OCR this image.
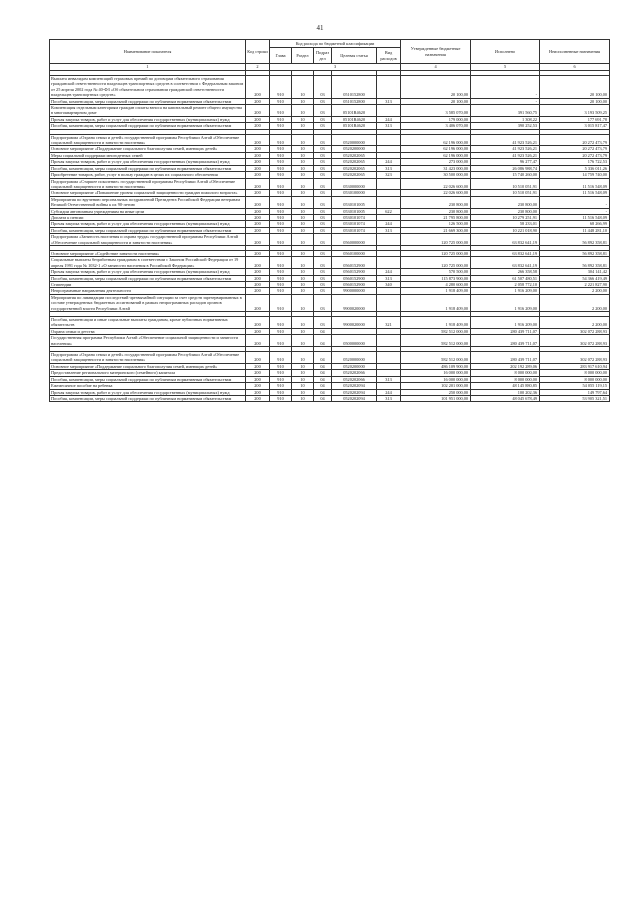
41
Наименование показателя	Код строки	Код расхода по бюджетной классификации					Утвержденные бюджетные назначения	Исполнено	Неисполненные назначения
		Глава	Раздел	Подраз дел	Целевая статья	Вид расходов			
1	2	3					4	5	6

Выплата инвалидам компенсаций страховых премий по договорам обязательного страхования гражданской ответственности владельцев транспортных средств в соответствии с Федеральным законом от 25 апреля 2002 года № 40-ФЗ «Об обязательном страховании гражданской ответственности владельцев транспортных средств»	200	910	10	03	0510152800		20 100,00	-	20 100,00
Пособия, компенсации, меры социальной поддержки по публичным нормативным обязательствам	200	910	10	03	0510152800	313	20 100,00	-	20 100,00
Компенсация отдельным категориям граждан оплаты взноса на капитальный ремонт общего имущества в многоквартирном доме	200	910	10	03	05101R4620		3 585 070,00	391 560,75	3 193 509,25
Прочая закупка товаров, работ и услуг для обеспечения государственных (муниципальных) нужд	200	910	10	03	05101R4620	244	179 000,00	1 308,22	177 691,78
Пособия, компенсации, меры социальной поддержки по публичным нормативным обязательствам	200	910	10	03	05101R4620	313	3 406 070,00	390 252,53	3 015 817,47

Подпрограмма «Охрана семьи и детей» государственной программы Республики Алтай «Обеспечение социальной защищенности и занятости населения»	200	910	10	03	0520000000		62 196 000,00	41 923 526,21	20 272 473,79
Основное мероприятие «Поддержание социального благополучия семей, имеющих детей»	200	910	10	03	0520200000		62 196 000,00	41 923 526,21	20 272 473,79
Меры социальной поддержки многодетных семей	200	910	10	03	0520202065		62 196 000,00	41 923 526,21	20 272 473,79
Прочая закупка товаров, работ и услуг для обеспечения государственных (муниципальных) нужд	200	910	10	03	0520202065	244	273 000,00	96 277,47	176 722,53
Пособия, компенсации, меры социальной поддержки по публичным нормативным обязательствам	200	910	10	03	0520202065	313	31 423 000,00	26 086 988,74	5 336 011,26
Приобретение товаров, работ, услуг в пользу граждан в целях их социального обеспечения	200	910	10	03	0520202065	323	30 500 000,00	15 740 260,00	14 759 740,00
Подпрограмма «Старшее поколение» государственной программы Республики Алтай «Обеспечение социальной защищенности и занятости населения»	200	910	10	03	0530000000		22 026 600,00	10 510 051,91	11 516 548,09
Основное мероприятие «Повышение уровня социальной защищенности граждан пожилого возраста»	200	910	10	03	0530100000		22 026 600,00	10 510 051,91	11 516 548,09
Мероприятия по вручению персональных поздравлений Президента Российской Федерации ветеранам Великой Отечественной войны к их 90-летию	200	910	10	03	0530101005		230 800,00	230 800,00	-
Субсидии автономным учреждениям на иные цели	200	910	10	03	0530101005	622	230 800,00	230 800,00	-
Доплата к пенсии	200	910	10	03	0530101074		21 795 800,00	10 279 251,91	11 516 548,09
Прочая закупка товаров, работ и услуг для обеспечения государственных (муниципальных) нужд	200	910	10	03	0530101074	244	126 500,00	58 233,01	68 266,99
Пособия, компенсации, меры социальной поддержки по публичным нормативным обязательствам	200	910	10	03	0530101074	313	21 669 300,00	10 221 018,90	11 448 281,10
Подпрограмма «Занятость населения и охрана труда» государственной программы Республики Алтай «Обеспечение социальной защищенности и занятости населения»	200	910	10	03	0560000000		120 725 000,00	63 832 641,19	56 892 358,81

Основное мероприятие «Содействие занятости населения»	200	910	10	03	0560100000		120 725 000,00	63 832 641,19	56 892 358,81
Социальные выплаты безработным гражданам в соответствии с Законом Российской Федерации от 19 апреля 1991 года № 1032-1 «О занятости населения в Российской Федерации»	200	910	10	03	0560152900		120 725 000,00	63 832 641,19	56 892 358,81
Прочая закупка товаров, работ и услуг для обеспечения государственных (муниципальных) нужд	200	910	10	03	0560152900	244	570 500,00	266 358,58	304 141,42
Пособия, компенсации, меры социальной поддержки по публичным нормативным обязательствам	200	910	10	03	0560152900	313	115 873 900,00	61 507 480,51	54 366 419,49
Стипендии	200	910	10	03	0560152900	340	4 280 600,00	2 058 772,10	2 221 827,90
Непрограммные направления деятельности	200	910	10	03	9900000000		1 918 409,00	1 916 209,00	2 200,00
Мероприятия по ликвидации последствий чрезвычайной ситуации за счет средств зарезервированных в составе утвержденных бюджетных ассигнований в рамках непрограммных расходов органов государственной власти Республики Алтай	200	910	10	03	9900020000		1 918 409,00	1 916 209,00	2 200,00

Пособия, компенсации и иные социальные выплаты гражданам, кроме публичных нормативных обязательств	200	910	10	03	9900020000	321	1 918 409,00	1 916 209,00	2 200,00
Охрана семьи и детства	200	910	10	04			582 512 000,00	280 439 711,07	302 072 288,93
Государственная программа Республики Алтай «Обеспечение социальной защищенности и занятости населения»	200	910	10	04	0500000000		582 512 000,00	280 439 711,07	302 072 288,93

Подпрограмма «Охрана семьи и детей» государственной программы Республики Алтай «Обеспечение социальной защищенности и занятости населения»	200	910	10	04	0520000000		582 512 000,00	280 439 711,07	302 072 288,93
Основное мероприятие «Поддержание социального благополучия семей, имеющих детей»	200	910	10	04	0520200000		486 109 900,00	202 192 289,06	283 917 610,94
Предоставление регионального материнского (семейного) капитала	200	910	10	04	0520202066		16 000 000,00	8 000 000,00	8 000 000,00
Пособия, компенсации, меры социальной поддержки по публичным нормативным обязательствам	200	910	10	04	0520202066	313	16 000 000,00	8 000 000,00	8 000 000,00
Ежемесячное пособие на ребенка	200	910	10	04	0520202094		102 201 000,00	48 145 880,85	54 055 119,15
Прочая закупка товаров, работ и услуг для обеспечения государственных (муниципальных) нужд	200	910	10	04	0520202094	244	250 000,00	100 202,36	149 797,64
Пособия, компенсации, меры социальной поддержки по публичным нормативным обязательствам	200	910	10	04	0520202094	313	101 951 000,00	48 045 678,49	53 905 321,51
